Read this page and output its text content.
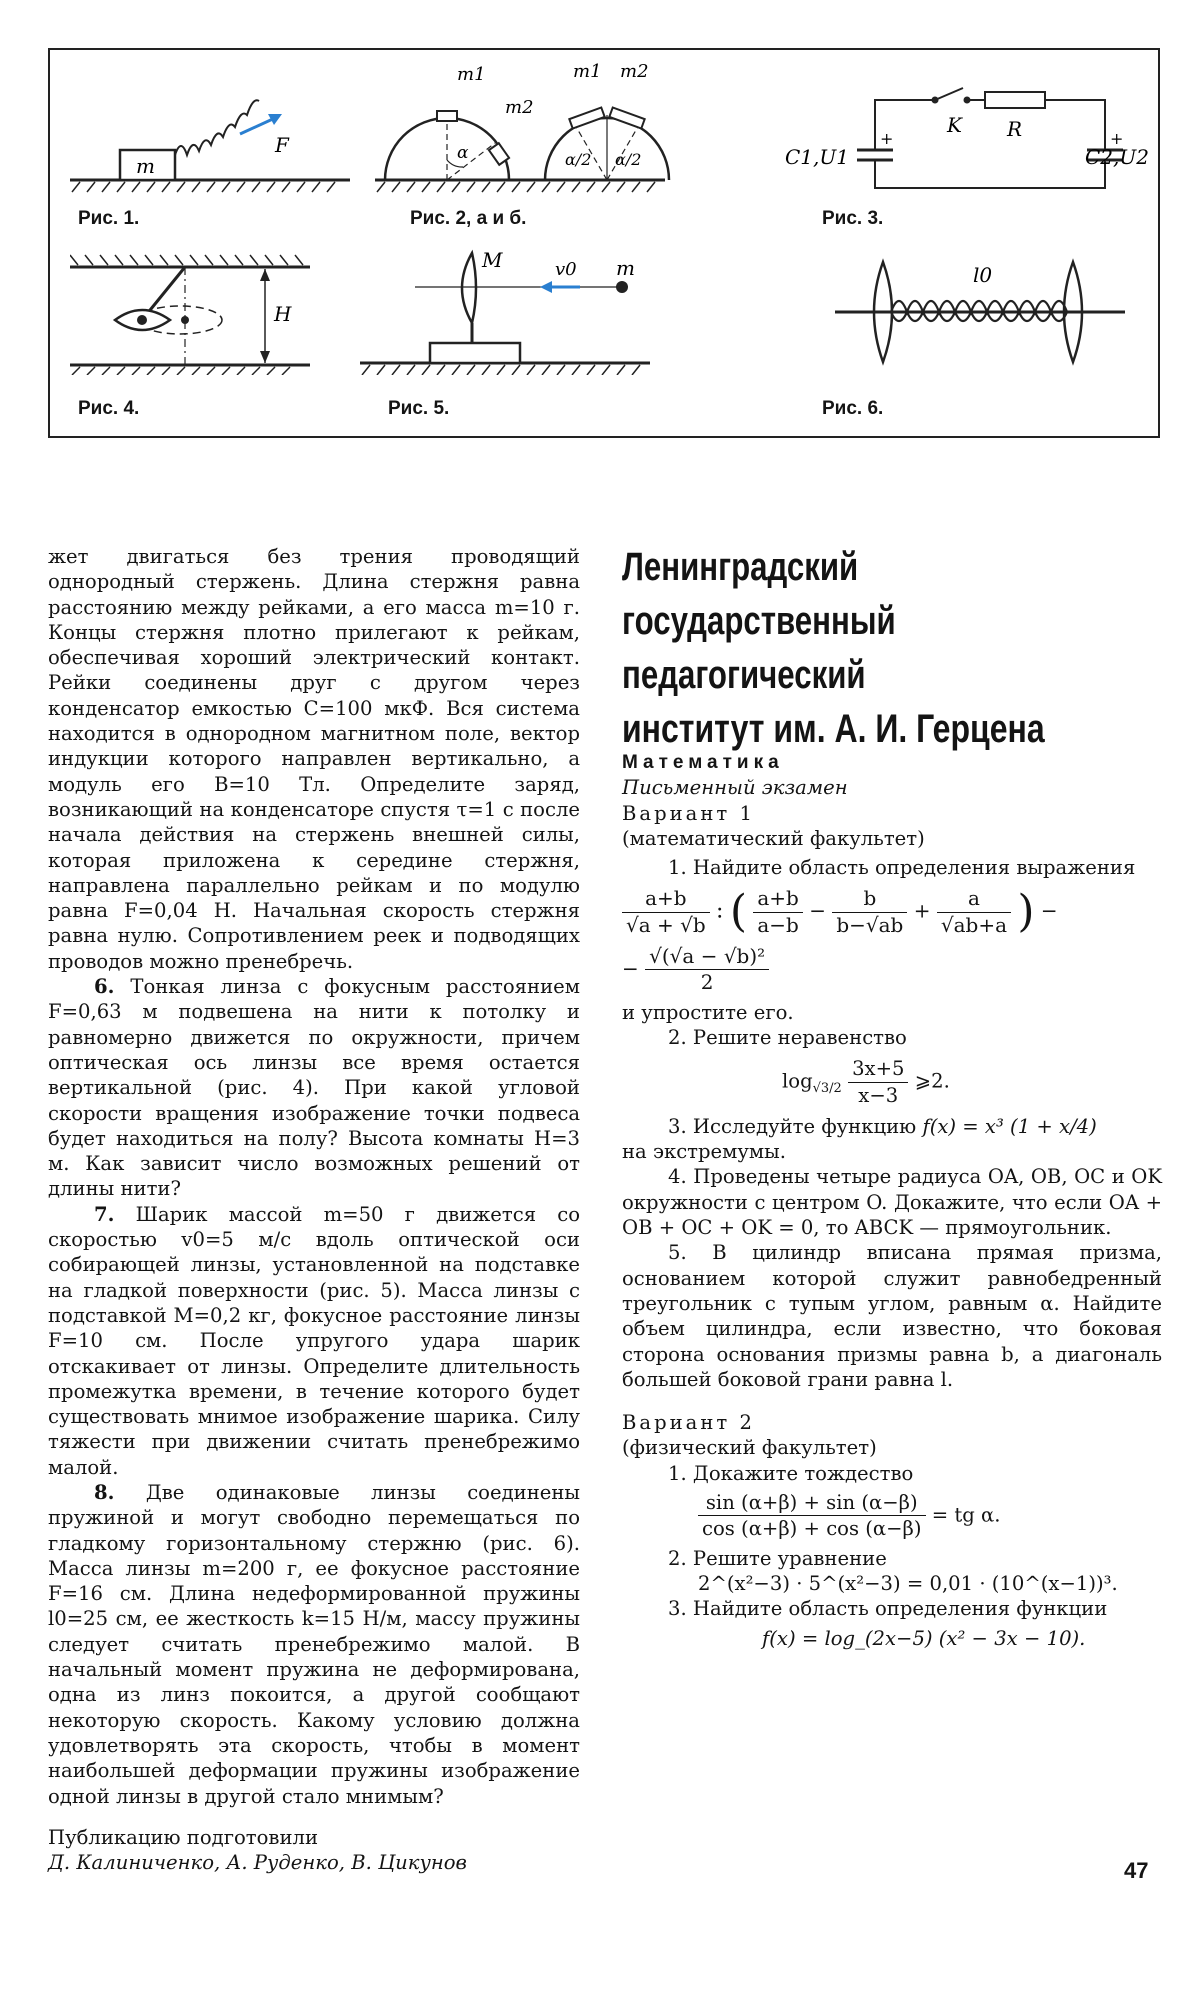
m
F
Рис. 1.
m1
m2
α
m1 m2
α/2 α/2
Рис. 2, а и б.
+	+
C1,U1	C2,U2
K R
Рис. 3.
H
Рис. 4.
M	v0 m
Рис. 5.
l0
Рис. 6.

жет двигаться без трения проводящий однородный стержень. Длина стержня равна расстоянию между рейками, а его масса m=10 г. Концы стержня плотно прилегают к рейкам, обеспечивая хороший электрический контакт. Рейки соединены друг с другом через конденсатор емкостью C=100 мкФ. Вся система находится в однородном магнитном поле, вектор индукции которого направлен вертикально, а модуль его B=10 Тл. Определите заряд, возникающий на конденсаторе спустя τ=1 с после начала действия на стержень внешней силы, которая приложена к середине стержня, направлена параллельно рейкам и по модулю равна F=0,04 Н. Начальная скорость стержня равна нулю. Сопротивлением реек и подводящих проводов можно пренебречь.

6. Тонкая линза с фокусным расстоянием F=0,63 м подвешена на нити к потолку и равномерно движется по окружности, причем оптическая ось линзы все время остается вертикальной (рис. 4). При какой угловой скорости вращения изображение точки подвеса будет находиться на полу? Высота комнаты H=3 м. Как зависит число возможных решений от длины нити?

7. Шарик массой m=50 г движется со скоростью v0=5 м/с вдоль оптической оси собирающей линзы, установленной на подставке на гладкой поверхности (рис. 5). Масса линзы с подставкой M=0,2 кг, фокусное расстояние линзы F=10 см. После упругого удара шарик отскакивает от линзы. Определите длительность промежутка времени, в течение которого будет существовать мнимое изображение шарика. Силу тяжести при движении считать пренебрежимо малой.

8. Две одинаковые линзы соединены пружиной и могут свободно перемещаться по гладкому горизонтальному стержню (рис. 6). Масса линзы m=200 г, ее фокусное расстояние F=16 см. Длина недеформированной пружины l0=25 см, ее жесткость k=15 Н/м, массу пружины следует считать пренебрежимо малой. В начальный момент пружина не деформирована, одна из линз покоится, а другой сообщают некоторую скорость. Какому условию должна удовлетворять эта скорость, чтобы в момент наибольшей деформации пружины изображение одной линзы в другой стало мнимым?

Публикацию подготовили

Д. Калиниченко, А. Руденко, В. Цикунов

Ленинградский
государственный
педагогический
институт им. А. И. Герцена
Математика

Письменный экзамен

Вариант 1

(математический факультет)

1. Найдите область определения выражения

$\frac{a+b}{√a + √b}$ : ( $\frac{a+b}{a-b} - \frac{b}{b-√ab} + \frac{a}{√ab+a}$ ) −
− $\frac{\text{√(√a − √b)²}}{2}$

и упростите его.

2. Решите неравенство

$\log_{√3/2} \frac{3x+5}{x-3}$ ⩾2.

3. Исследуйте функцию f(x) = x³ (1 + x/4)

на экстремумы.

4. Проведены четыре радиуса OA, OB, OC и OK окружности с центром O. Докажите, что если OA + OB + OC + OK = 0, то ABCK — прямоугольник.

5. В цилиндр вписана прямая призма, основанием которой служит равнобедренный треугольник с тупым углом, равным α. Найдите объем цилиндра, если известно, что боковая сторона основания призмы равна b, а диагональ большей боковой грани равна l.

Вариант 2

(физический факультет)

1. Докажите тождество

$\frac{\sin (\alpha+\beta) + \sin (\alpha-\beta)}{\cos (\alpha+\beta) + \cos (\alpha-\beta)}$ = tg α.

2. Решите уравнение

2^(x²−3) · 5^(x²−3) = 0,01 · (10^(x−1))³.

3. Найдите область определения функции

f(x) = log_(2x−5) (x² − 3x − 10).

47
